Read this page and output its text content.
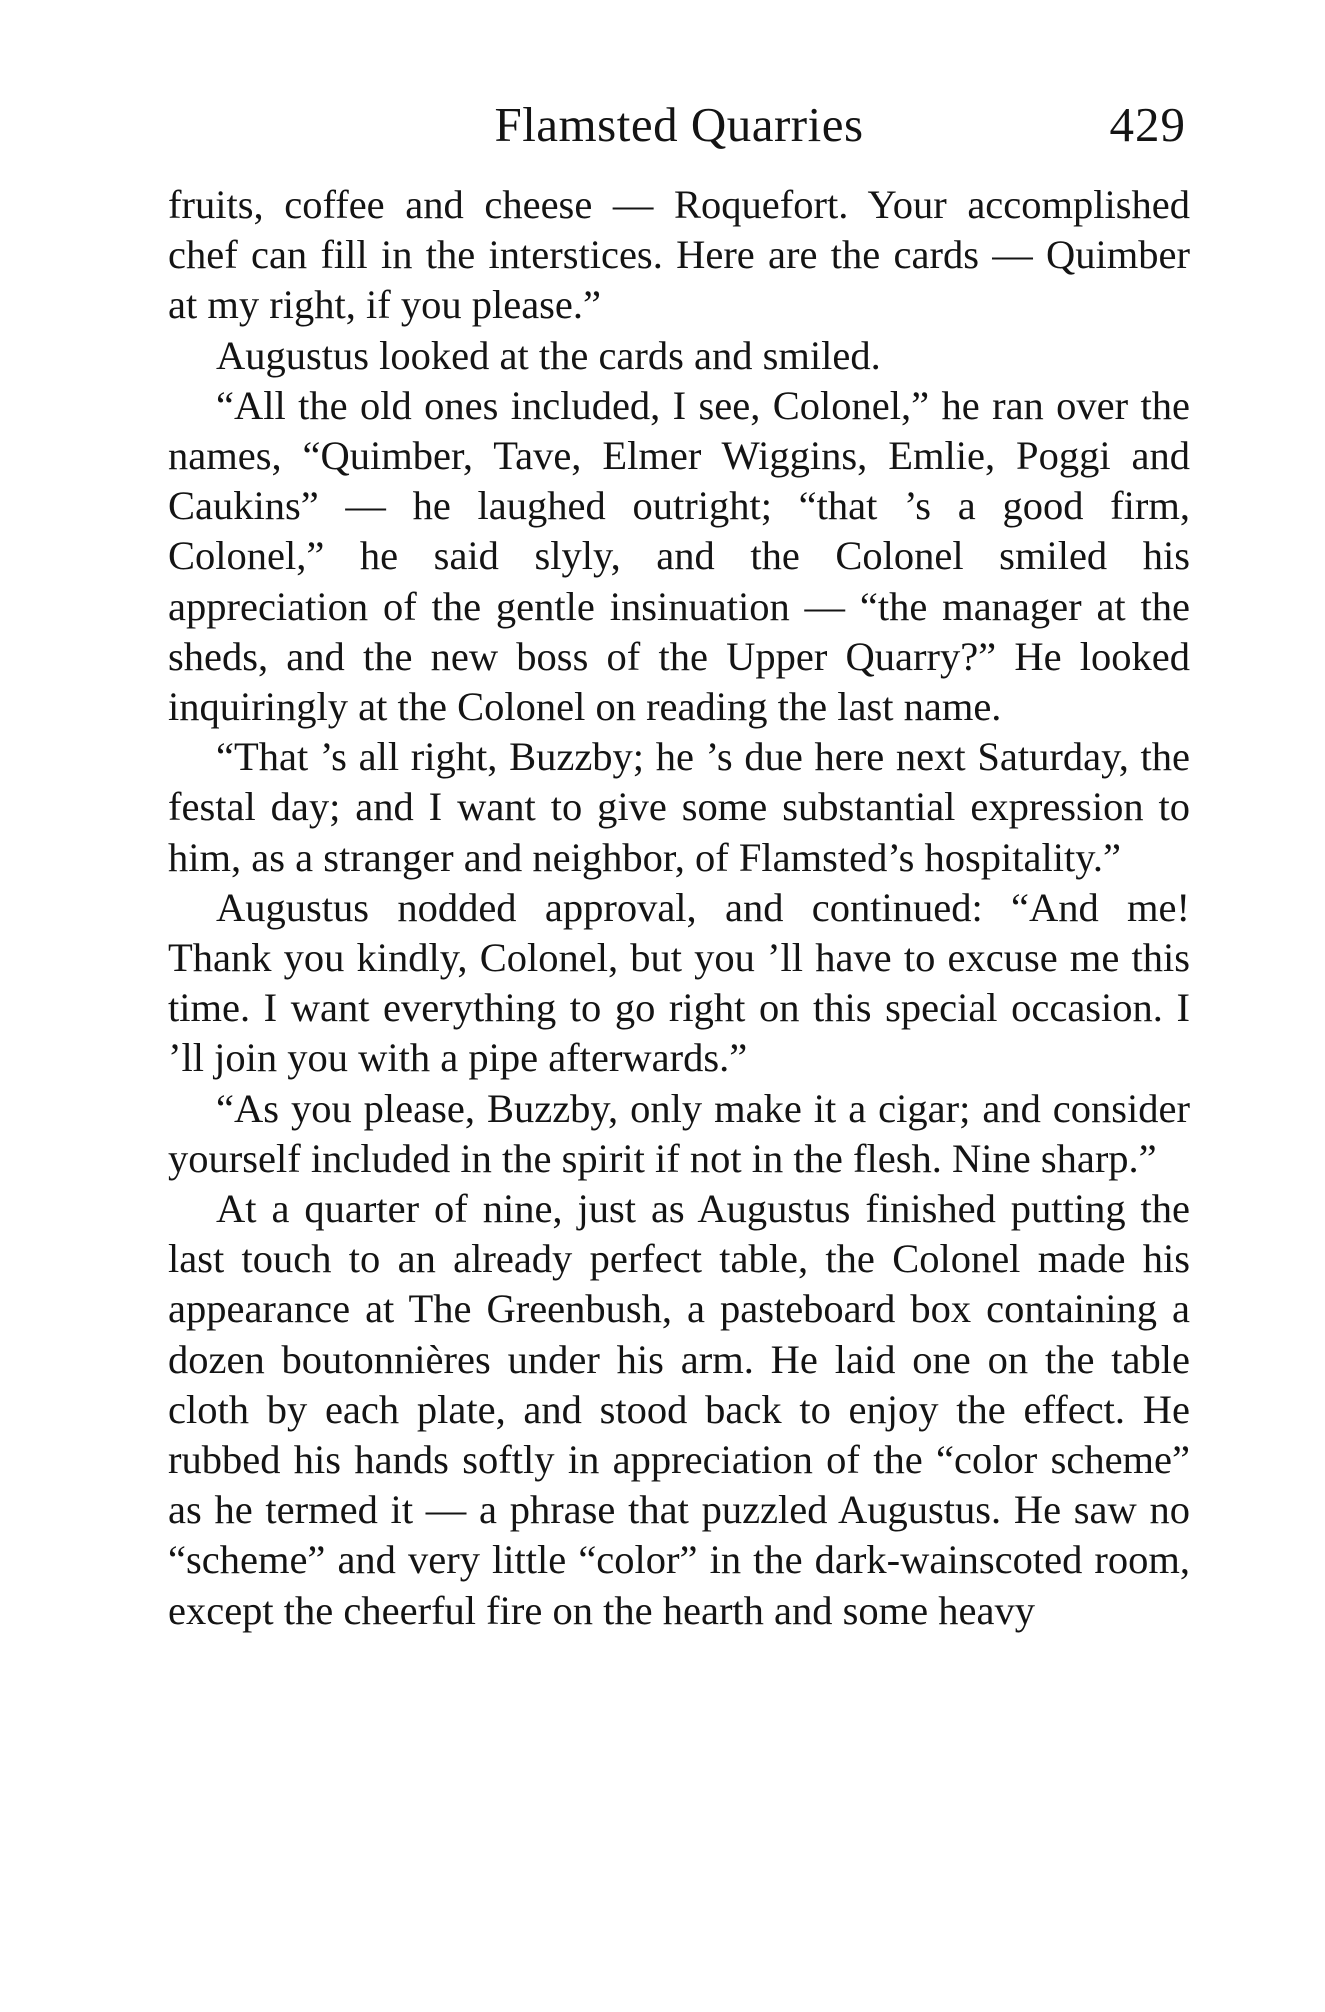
Flamsted Quarries	429

fruits, coffee and cheese — Roquefort. Your accomplished chef can fill in the interstices. Here are the cards — Quimber at my right, if you please.”

Augustus looked at the cards and smiled.

“All the old ones included, I see, Colonel,” he ran over the names, “Quimber, Tave, Elmer Wiggins, Emlie, Poggi and Caukins” — he laughed outright; “that ’s a good firm, Colonel,” he said slyly, and the Colonel smiled his appreciation of the gentle insinuation — “the manager at the sheds, and the new boss of the Upper Quarry?” He looked inquiringly at the Colonel on reading the last name.

“That ’s all right, Buzzby; he ’s due here next Saturday, the festal day; and I want to give some substantial expression to him, as a stranger and neighbor, of Flamsted’s hospitality.”

Augustus nodded approval, and continued: “And me! Thank you kindly, Colonel, but you ’ll have to excuse me this time. I want everything to go right on this special occasion. I ’ll join you with a pipe afterwards.”

“As you please, Buzzby, only make it a cigar; and consider yourself included in the spirit if not in the flesh. Nine sharp.”

At a quarter of nine, just as Augustus finished putting the last touch to an already perfect table, the Colonel made his appearance at The Greenbush, a pasteboard box containing a dozen boutonnières under his arm. He laid one on the table cloth by each plate, and stood back to enjoy the effect. He rubbed his hands softly in appreciation of the “color scheme” as he termed it — a phrase that puzzled Augustus. He saw no “scheme” and very little “color” in the dark-wainscoted room, except the cheerful fire on the hearth and some heavy
